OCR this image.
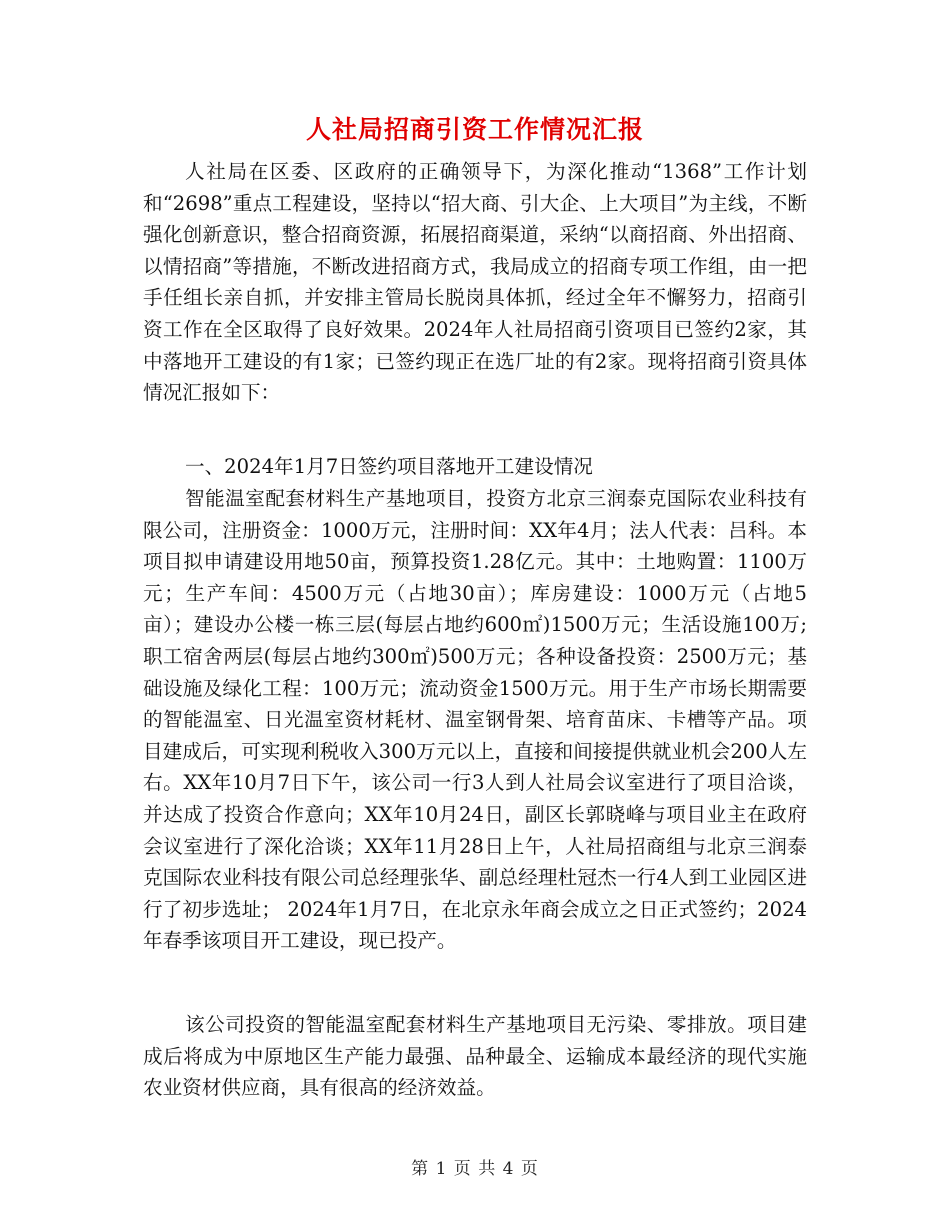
人社局招商引资工作情况汇报

人社局在区委、区政府的正确领导下，为深化推动“1368”工作计划和“2698”重点工程建设，坚持以“招大商、引大企、上大项目”为主线，不断强化创新意识，整合招商资源，拓展招商渠道，采纳“以商招商、外出招商、以情招商”等措施，不断改进招商方式，我局成立的招商专项工作组，由一把手任组长亲自抓，并安排主管局长脱岗具体抓，经过全年不懈努力，招商引资工作在全区取得了良好效果。2024年人社局招商引资项目已签约2家，其中落地开工建设的有1家；已签约现正在选厂址的有2家。现将招商引资具体情况汇报如下：

一、2024年1月7日签约项目落地开工建设情况

智能温室配套材料生产基地项目，投资方北京三润泰克国际农业科技有限公司，注册资金：1000万元，注册时间：XX年4月；法人代表：吕科。本项目拟申请建设用地50亩，预算投资1.28亿元。其中：土地购置：1100万元；生产车间：4500万元（占地30亩）；库房建设：1000万元（占地5亩）；建设办公楼一栋三层(每层占地约600㎡)1500万元；生活设施100万;职工宿舍两层(每层占地约300㎡)500万元；各种设备投资：2500万元；基础设施及绿化工程：100万元；流动资金1500万元。用于生产市场长期需要的智能温室、日光温室资材耗材、温室钢骨架、培育苗床、卡槽等产品。项目建成后，可实现利税收入300万元以上，直接和间接提供就业机会200人左右。XX年10月7日下午，该公司一行3人到人社局会议室进行了项目洽谈，并达成了投资合作意向；XX年10月24日，副区长郭晓峰与项目业主在政府会议室进行了深化洽谈；XX年11月28日上午，人社局招商组与北京三润泰克国际农业科技有限公司总经理张华、副总经理杜冠杰一行4人到工业园区进行了初步选址； 2024年1月7日，在北京永年商会成立之日正式签约；2024年春季该项目开工建设，现已投产。

该公司投资的智能温室配套材料生产基地项目无污染、零排放。项目建成后将成为中原地区生产能力最强、品种最全、运输成本最经济的现代实施农业资材供应商，具有很高的经济效益。

第 1 页 共 4 页
